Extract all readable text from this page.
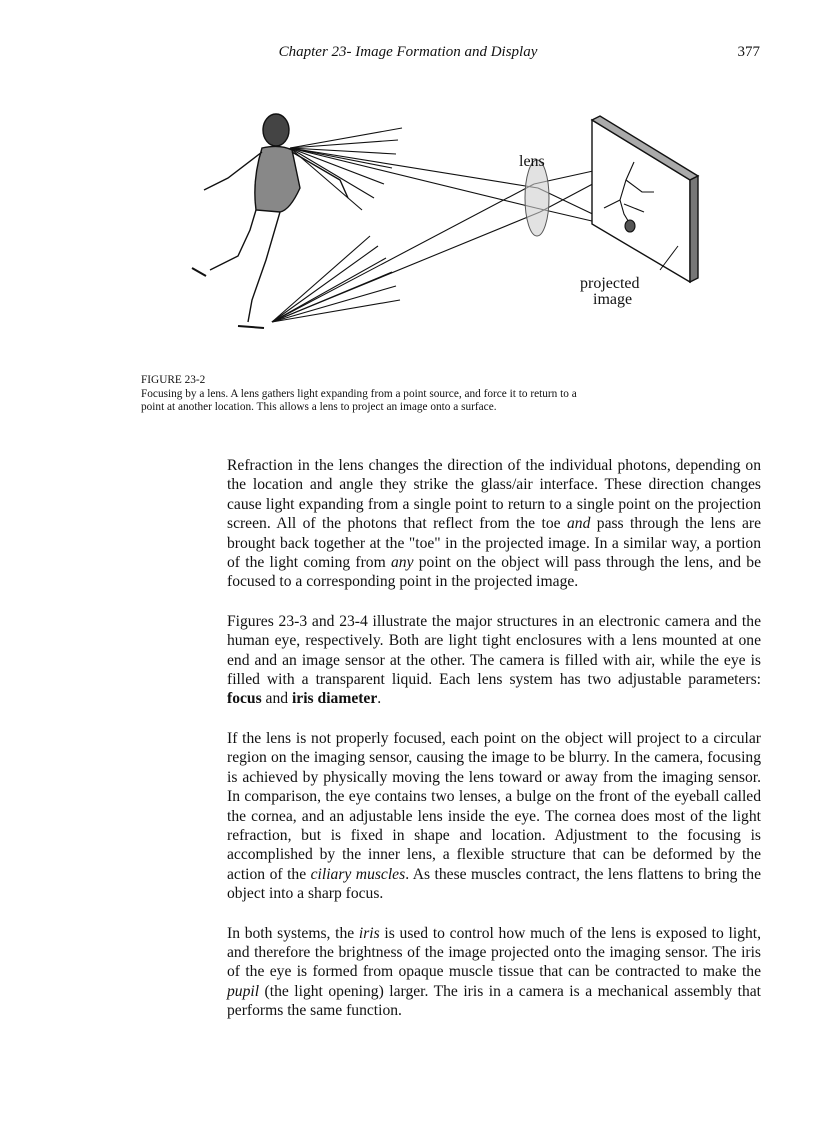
Chapter 23- Image Formation and Display	377
lens
projected
image
FIGURE 23-2
Focusing by a lens. A lens gathers light expanding from a point source, and force it to return to a
point at another location. This allows a lens to project an image onto a surface.

Refraction in the lens changes the direction of the individual photons, depending on the location and angle they strike the glass/air interface. These direction changes cause light expanding from a single point to return to a single point on the projection screen. All of the photons that reflect from the toe and pass through the lens are brought back together at the "toe" in the projected image. In a similar way, a portion of the light coming from any point on the object will pass through the lens, and be focused to a corresponding point in the projected image.

Figures 23-3 and 23-4 illustrate the major structures in an electronic camera and the human eye, respectively. Both are light tight enclosures with a lens mounted at one end and an image sensor at the other. The camera is filled with air, while the eye is filled with a transparent liquid. Each lens system has two adjustable parameters: focus and iris diameter.

If the lens is not properly focused, each point on the object will project to a circular region on the imaging sensor, causing the image to be blurry. In the camera, focusing is achieved by physically moving the lens toward or away from the imaging sensor. In comparison, the eye contains two lenses, a bulge on the front of the eyeball called the cornea, and an adjustable lens inside the eye. The cornea does most of the light refraction, but is fixed in shape and location. Adjustment to the focusing is accomplished by the inner lens, a flexible structure that can be deformed by the action of the ciliary muscles. As these muscles contract, the lens flattens to bring the object into a sharp focus.

In both systems, the iris is used to control how much of the lens is exposed to light, and therefore the brightness of the image projected onto the imaging sensor. The iris of the eye is formed from opaque muscle tissue that can be contracted to make the pupil (the light opening) larger. The iris in a camera is a mechanical assembly that performs the same function.
